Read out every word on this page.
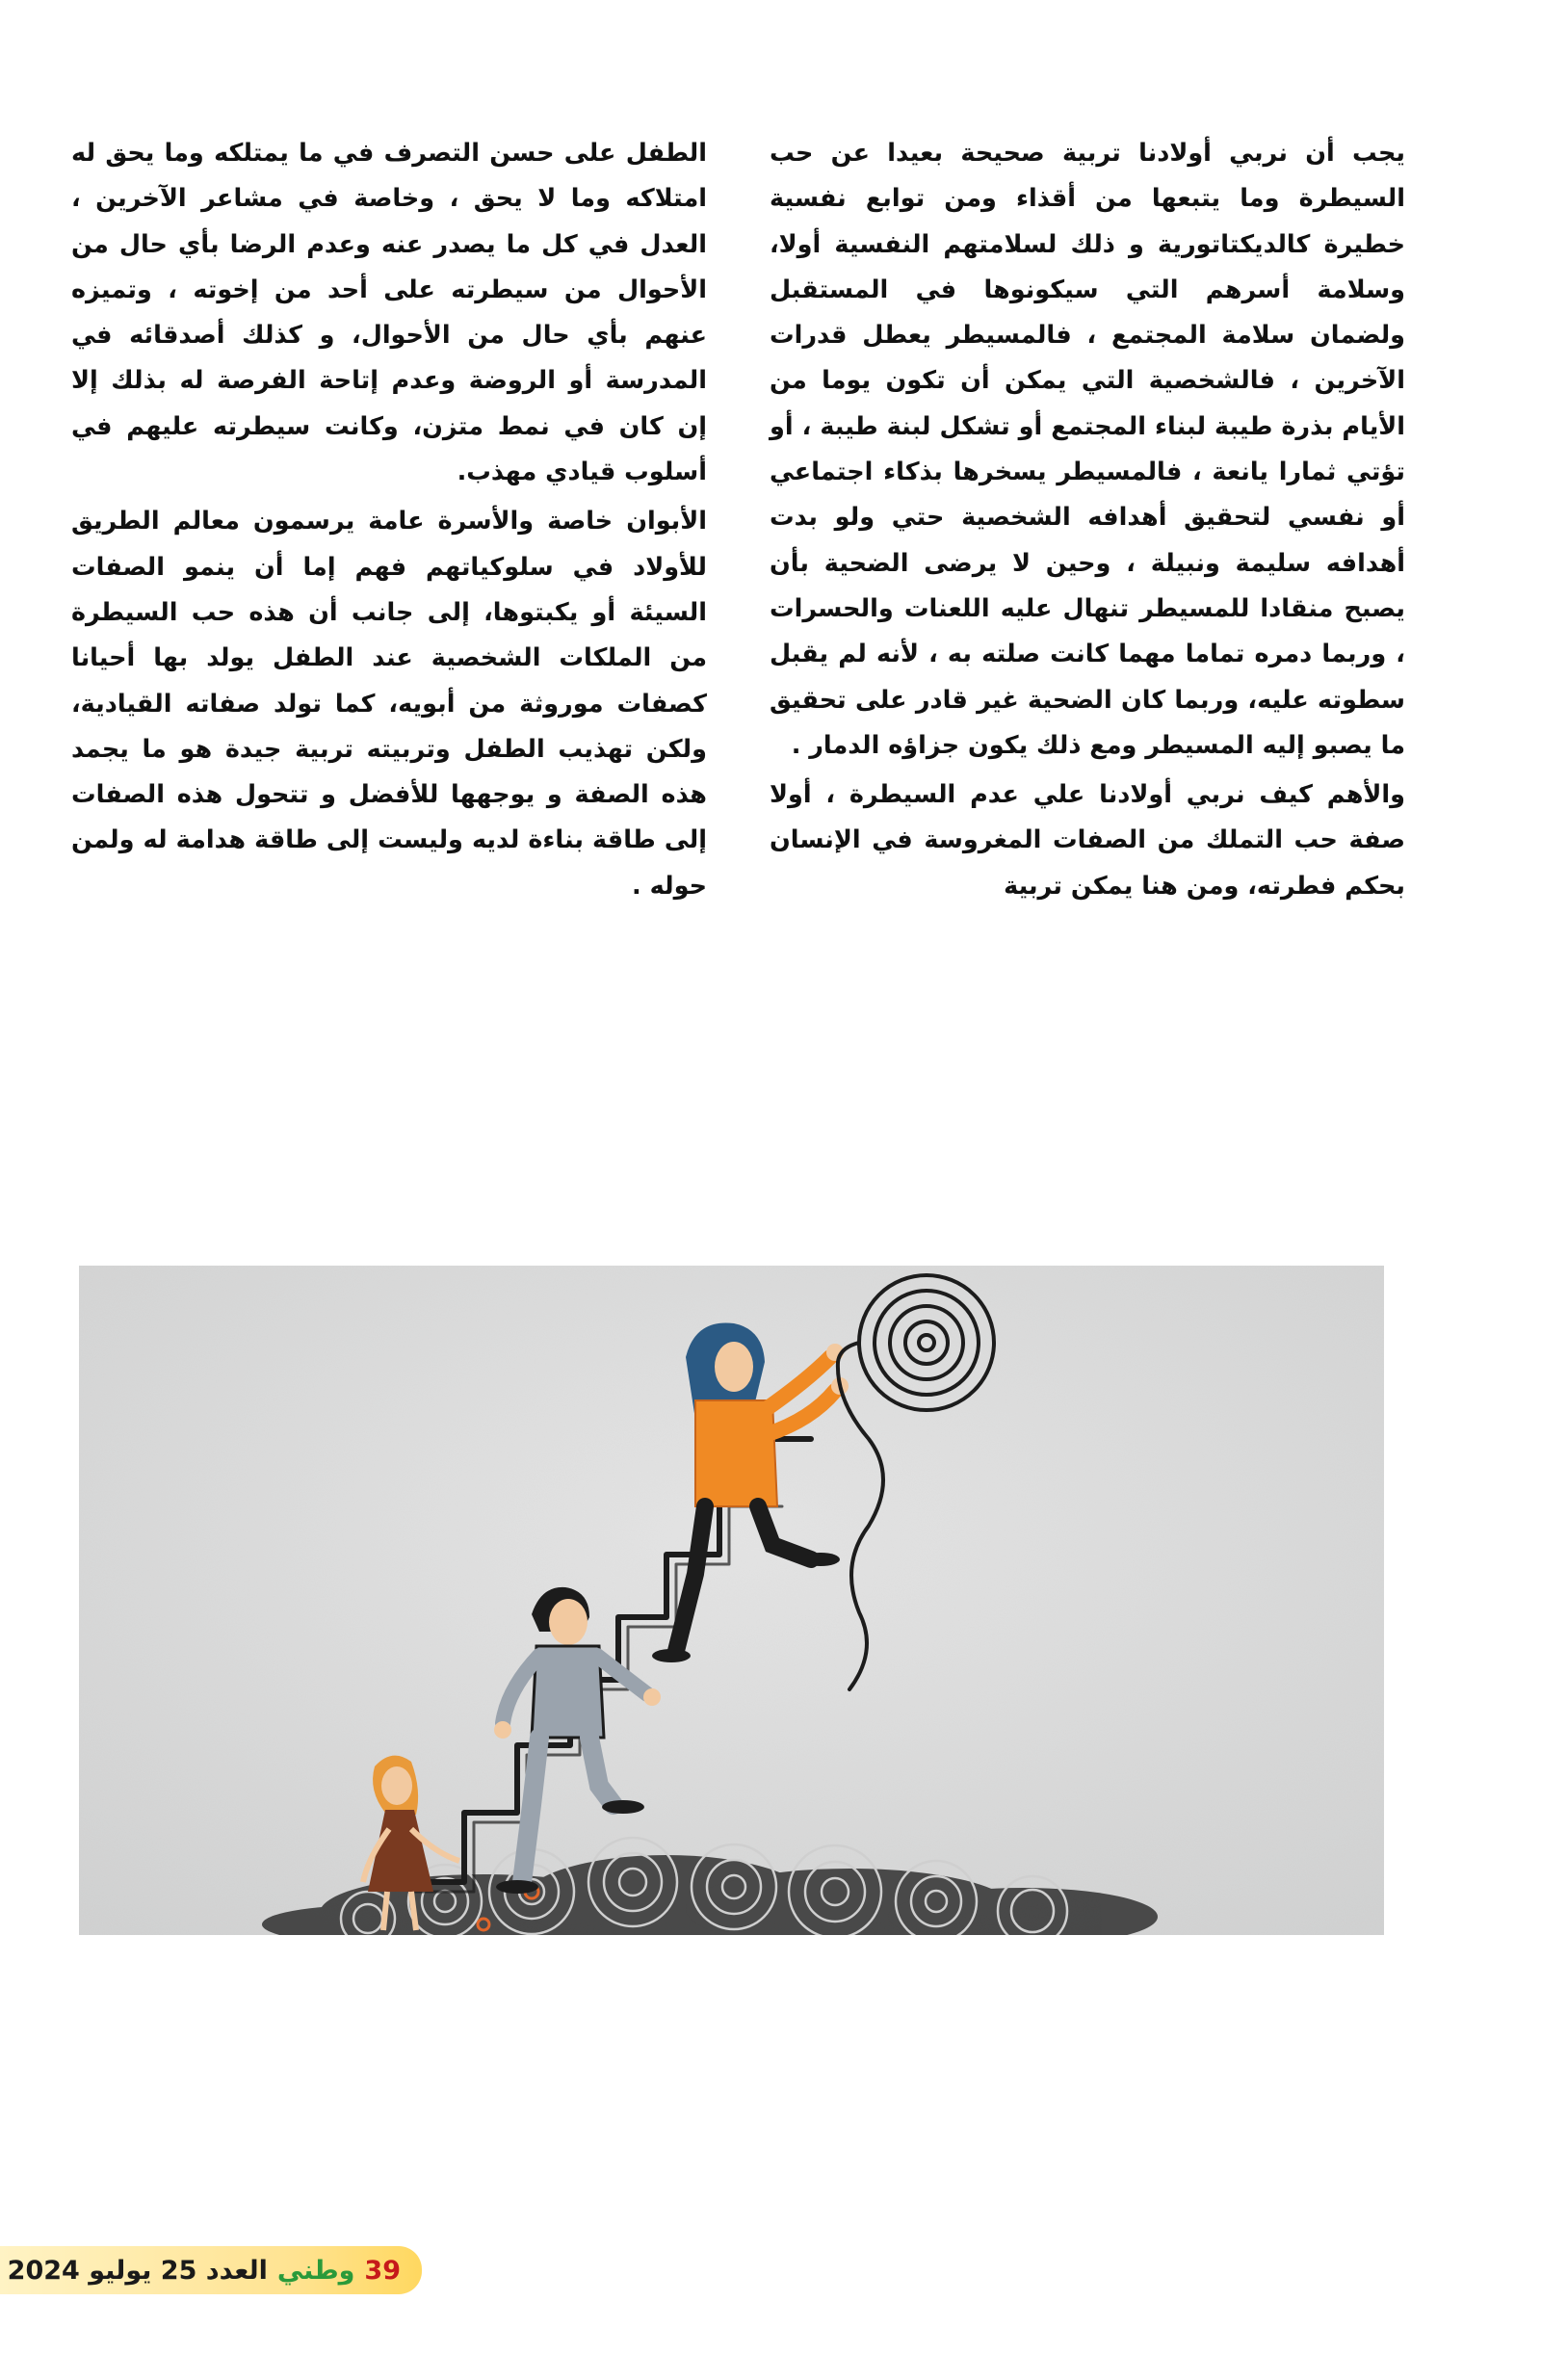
يجب أن نربي أولادنا تربية صحيحة بعيدا عن حب السيطرة وما يتبعها من أقذاء ومن توابع نفسية خطيرة كالديكتاتورية و ذلك لسلامتهم النفسية أولا، وسلامة أسرهم التي سيكونوها في المستقبل ولضمان سلامة المجتمع ، فالمسيطر يعطل قدرات الآخرين ، فالشخصية التي يمكن أن تكون يوما من الأيام بذرة طيبة لبناء المجتمع أو تشكل لبنة طيبة ، أو تؤتي ثمارا يانعة ، فالمسيطر يسخرها بذكاء اجتماعي أو نفسي لتحقيق أهدافه الشخصية حتي ولو بدت أهدافه سليمة ونبيلة ، وحين لا يرضى الضحية بأن يصبح منقادا للمسيطر تنهال عليه اللعنات والحسرات ، وربما دمره تماما مهما كانت صلته به ، لأنه لم يقبل سطوته عليه، وربما كان الضحية غير قادر على تحقيق ما يصبو إليه المسيطر ومع ذلك يكون جزاؤه الدمار .

والأهم كيف نربي أولادنا علي عدم السيطرة ، أولا صفة حب التملك من الصفات المغروسة في الإنسان بحكم فطرته، ومن هنا يمكن تربية

الطفل على حسن التصرف في ما يمتلكه وما يحق له امتلاكه وما لا يحق ، وخاصة في مشاعر الآخرين ، العدل في كل ما يصدر عنه وعدم الرضا بأي حال من الأحوال من سيطرته على أحد من إخوته ، وتميزه عنهم بأي حال من الأحوال، و كذلك أصدقائه في المدرسة أو الروضة وعدم إتاحة الفرصة له بذلك إلا إن كان في نمط متزن، وكانت سيطرته عليهم في أسلوب قيادي مهذب.

الأبوان خاصة والأسرة عامة يرسمون معالم الطريق للأولاد في سلوكياتهم فهم إما أن ينمو الصفات السيئة أو يكبتوها، إلى جانب أن هذه حب السيطرة من الملكات الشخصية عند الطفل يولد بها أحيانا كصفات موروثة من أبويه، كما تولد صفاته القيادية، ولكن تهذيب الطفل وتربيته تربية جيدة هو ما يجمد هذه الصفة و يوجهها للأفضل و تتحول هذه الصفات إلى طاقة بناءة لديه وليست إلى طاقة هدامة له ولمن حوله .

39
وطني
العدد 25 يوليو 2024
